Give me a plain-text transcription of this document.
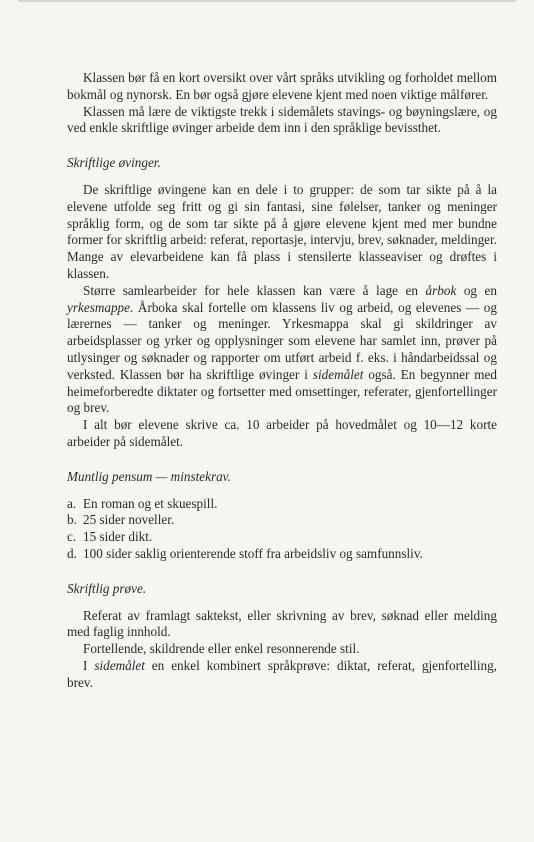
Klassen bør få en kort oversikt over vårt språks utvikling og forholdet mellom bokmål og nynorsk. En bør også gjøre elevene kjent med noen viktige målfører.

Klassen må lære de viktigste trekk i sidemålets stavings- og bøyningslære, og ved enkle skriftlige øvinger arbeide dem inn i den språklige bevissthet.

Skriftlige øvinger.

De skriftlige øvingene kan en dele i to grupper: de som tar sikte på å la elevene utfolde seg fritt og gi sin fantasi, sine følelser, tanker og meninger språklig form, og de som tar sikte på å gjøre elevene kjent med mer bundne former for skriftlig arbeid: referat, reportasje, intervju, brev, søknader, meldinger. Mange av elevarbeidene kan få plass i stensilerte klasseaviser og drøftes i klassen.

Større samlearbeider for hele klassen kan være å lage en årbok og en yrkesmappe. Årboka skal fortelle om klassens liv og arbeid, og elevenes — og lærernes — tanker og meninger. Yrkesmappa skal gi skildringer av arbeidsplasser og yrker og opplysninger som elevene har samlet inn, prøver på utlysinger og søknader og rapporter om utført arbeid f. eks. i håndarbeidssal og verksted. Klassen bør ha skriftlige øvinger i sidemålet også. En begynner med heimeforberedte diktater og fortsetter med omsettinger, referater, gjenfortellinger og brev.

I alt bør elevene skrive ca. 10 arbeider på hovedmålet og 10—12 korte arbeider på sidemålet.

Muntlig pensum — minstekrav.
a. En roman og et skuespill.
b. 25 sider noveller.
c. 15 sider dikt.
d. 100 sider saklig orienterende stoff fra arbeidsliv og samfunnsliv.
Skriftlig prøve.

Referat av framlagt saktekst, eller skrivning av brev, søknad eller melding med faglig innhold.

Fortellende, skildrende eller enkel resonnerende stil.

I sidemålet en enkel kombinert språkprøve: diktat, referat, gjenfortelling, brev.
